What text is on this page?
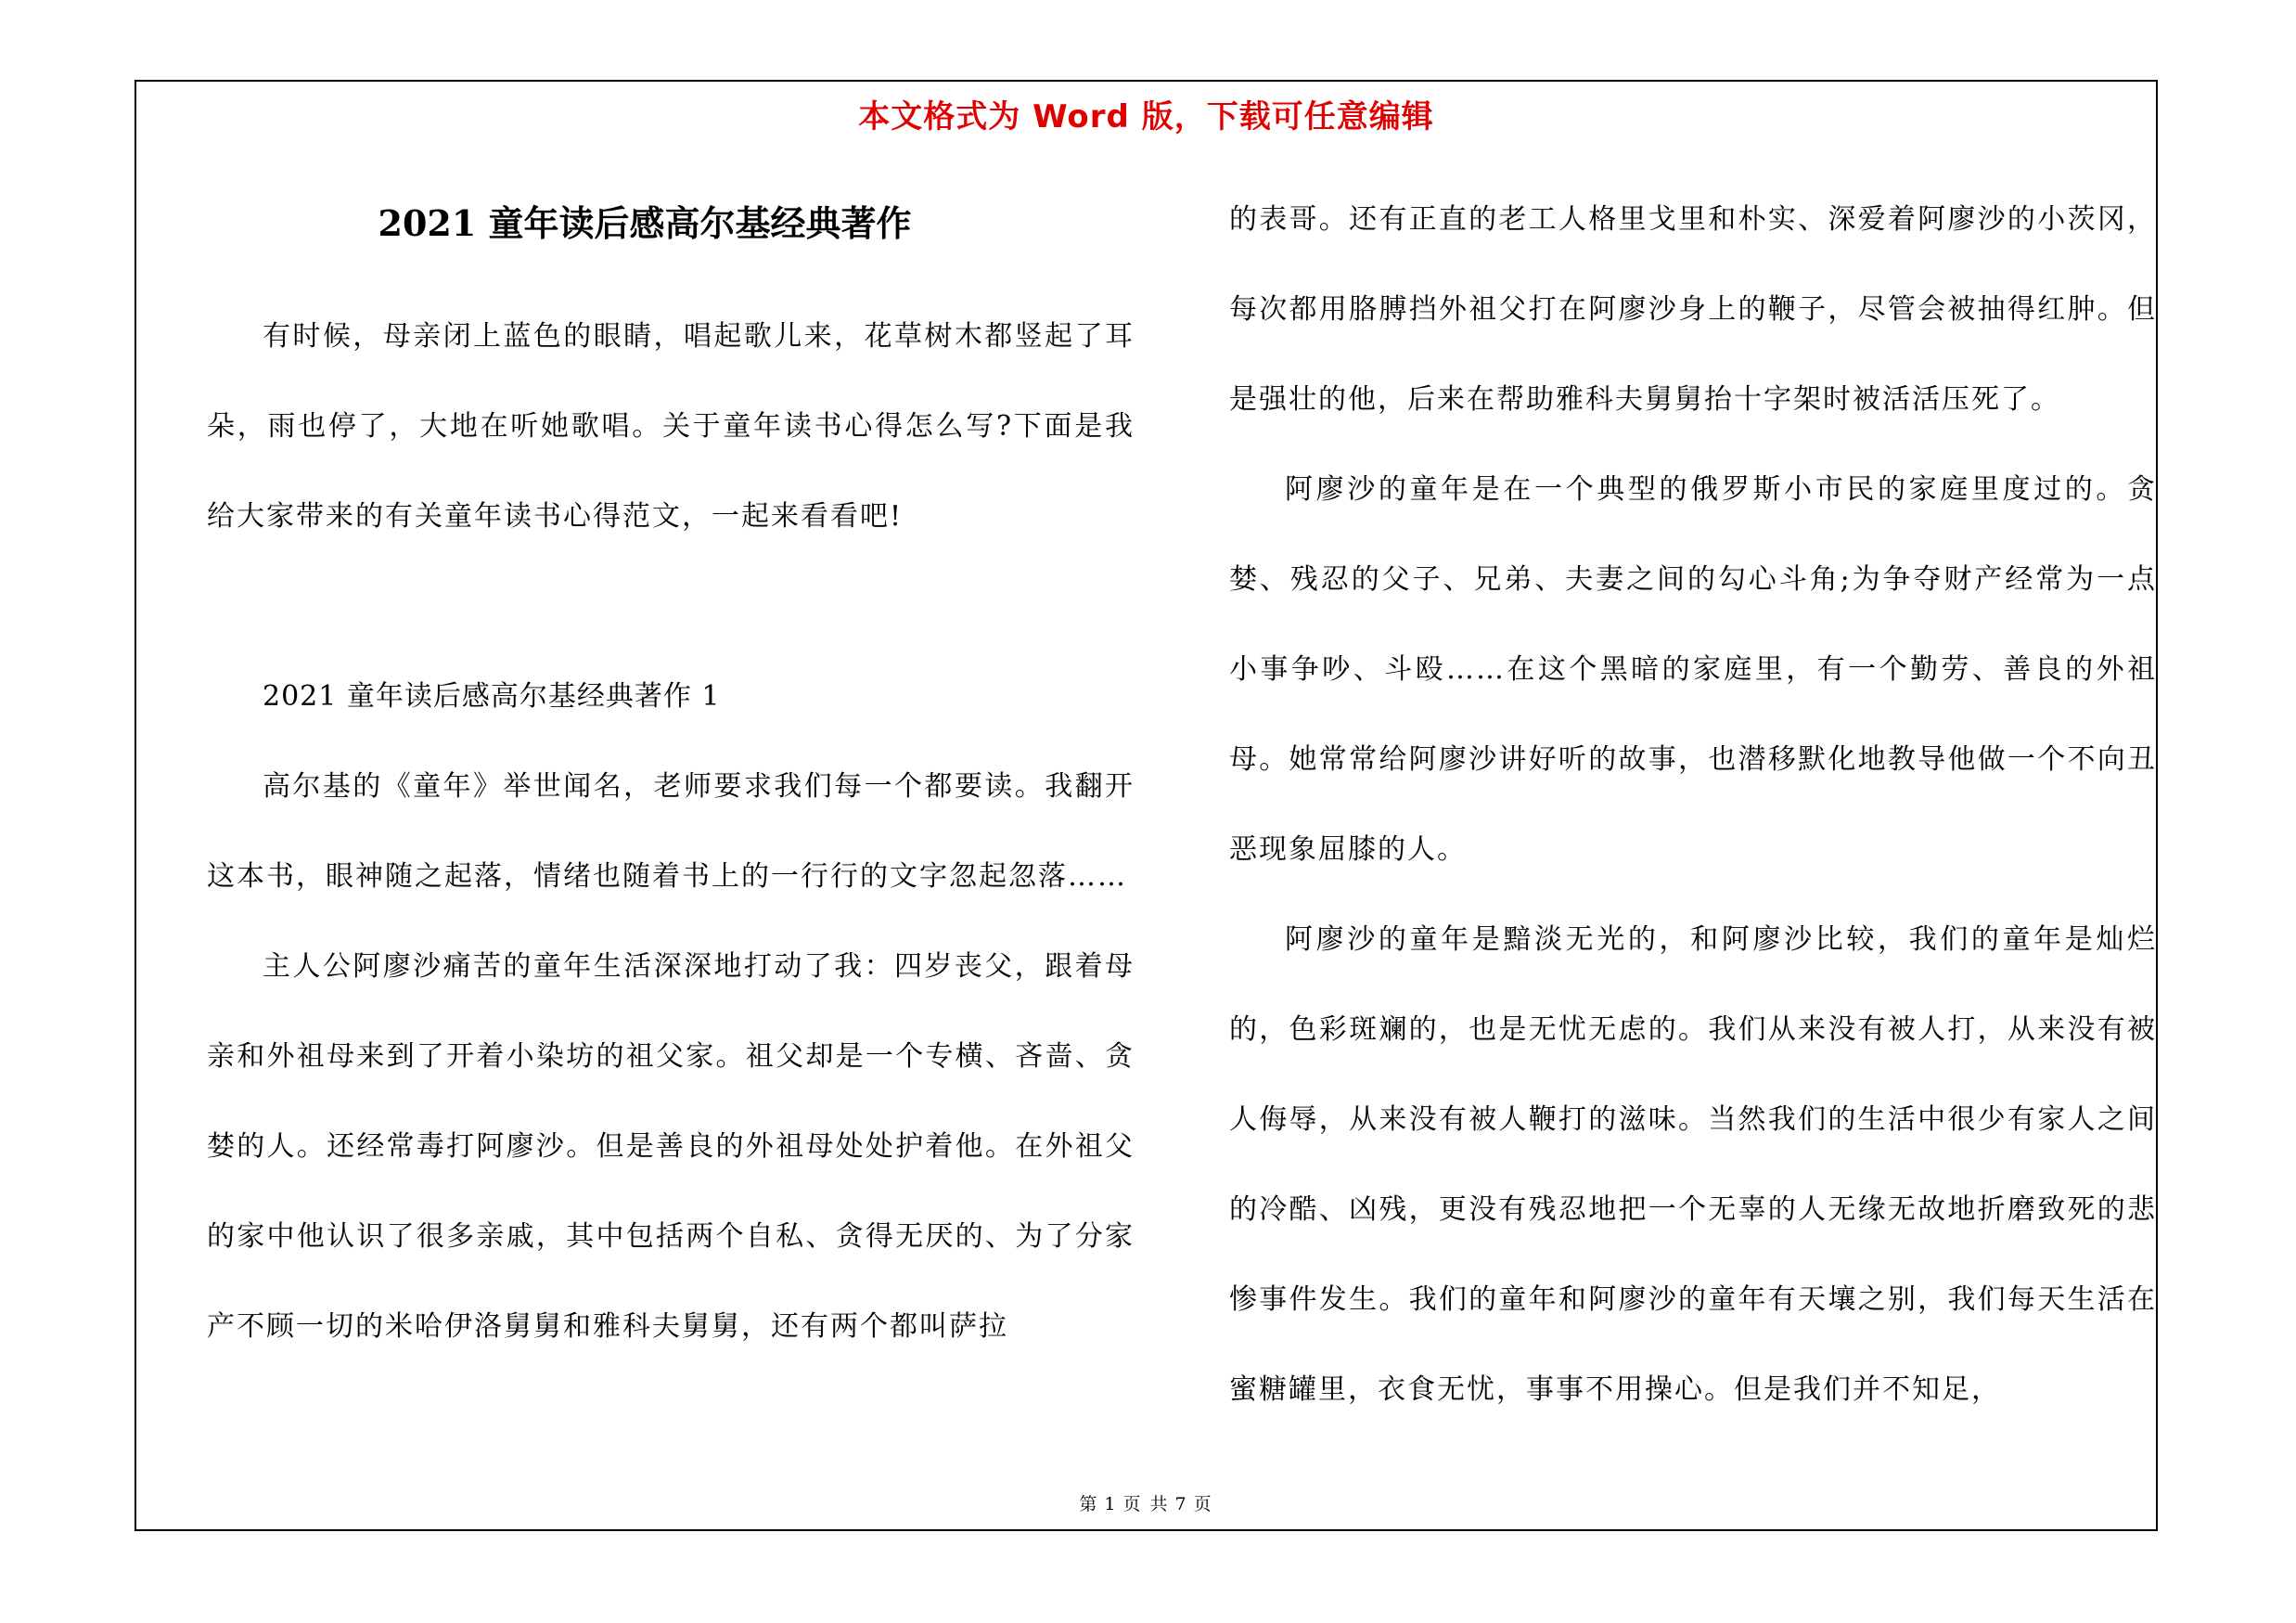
本文格式为 Word 版，下载可任意编辑
2021 童年读后感高尔基经典著作

有时候，母亲闭上蓝色的眼睛，唱起歌儿来，花草树木都竖起了耳朵，雨也停了，大地在听她歌唱。关于童年读书心得怎么写?下面是我给大家带来的有关童年读书心得范文，一起来看看吧!

2021 童年读后感高尔基经典著作 1

高尔基的《童年》举世闻名，老师要求我们每一个都要读。我翻开这本书，眼神随之起落，情绪也随着书上的一行行的文字忽起忽落……

主人公阿廖沙痛苦的童年生活深深地打动了我：四岁丧父，跟着母亲和外祖母来到了开着小染坊的祖父家。祖父却是一个专横、吝啬、贪婪的人。还经常毒打阿廖沙。但是善良的外祖母处处护着他。在外祖父的家中他认识了很多亲戚，其中包括两个自私、贪得无厌的、为了分家产不顾一切的米哈伊洛舅舅和雅科夫舅舅，还有两个都叫萨拉

的表哥。还有正直的老工人格里戈里和朴实、深爱着阿廖沙的小茨冈，每次都用胳膊挡外祖父打在阿廖沙身上的鞭子，尽管会被抽得红肿。但是强壮的他，后来在帮助雅科夫舅舅抬十字架时被活活压死了。

阿廖沙的童年是在一个典型的俄罗斯小市民的家庭里度过的。贪婪、残忍的父子、兄弟、夫妻之间的勾心斗角;为争夺财产经常为一点小事争吵、斗殴……在这个黑暗的家庭里，有一个勤劳、善良的外祖母。她常常给阿廖沙讲好听的故事，也潜移默化地教导他做一个不向丑恶现象屈膝的人。

阿廖沙的童年是黯淡无光的，和阿廖沙比较，我们的童年是灿烂的，色彩斑斓的，也是无忧无虑的。我们从来没有被人打，从来没有被人侮辱，从来没有被人鞭打的滋味。当然我们的生活中很少有家人之间的冷酷、凶残，更没有残忍地把一个无辜的人无缘无故地折磨致死的悲惨事件发生。我们的童年和阿廖沙的童年有天壤之别，我们每天生活在蜜糖罐里，衣食无忧，事事不用操心。但是我们并不知足，

第 1 页 共 7 页
